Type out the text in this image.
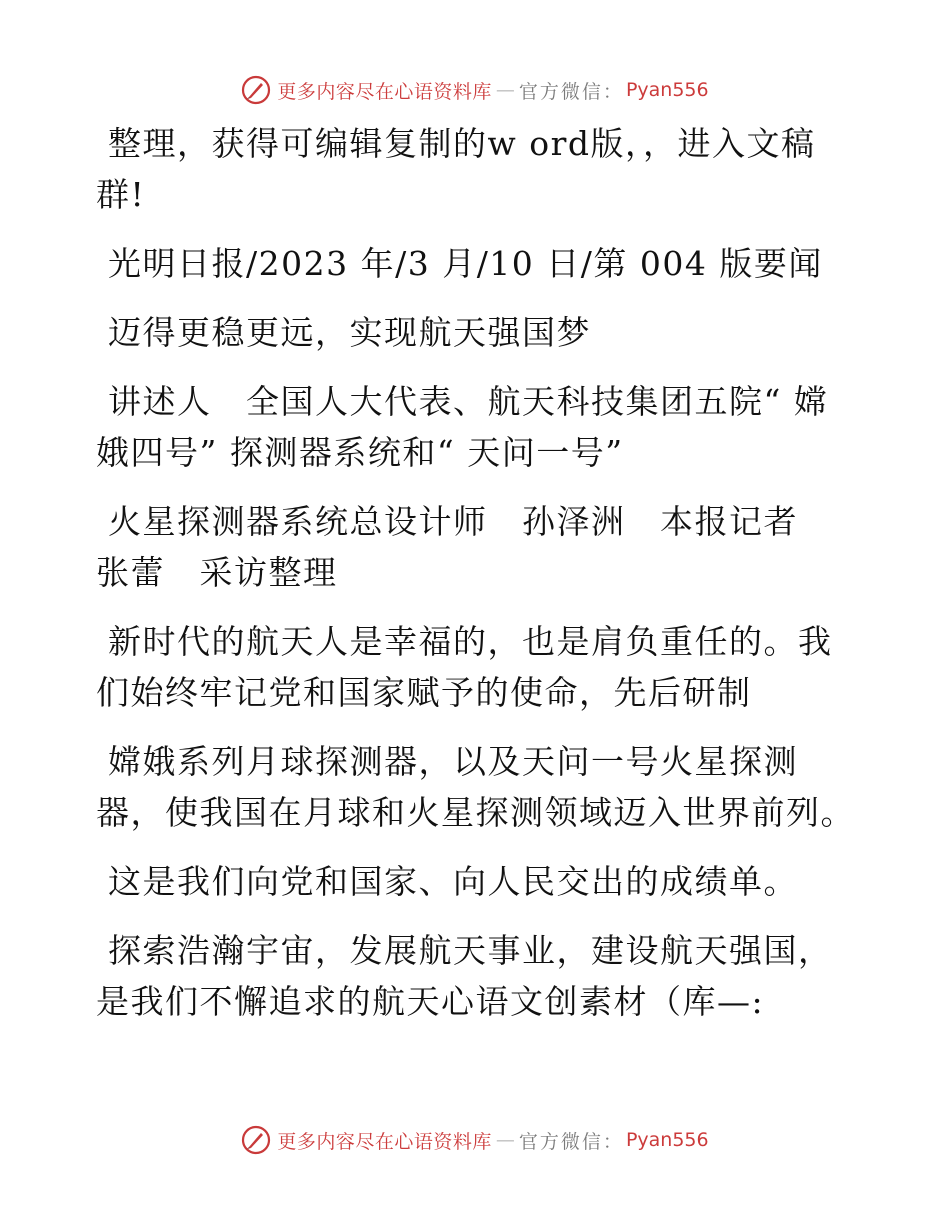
更多内容尽在心语资料库 — 官方微信 ： Pyan556

整理，获得可编辑复制的w ord版，，进入文稿
群!

光明日报/2023 年/3 月/10 日/第 004 版要闻

迈得更稳更远，实现航天强国梦

讲述人　全国人大代表、航天科技集团五院“ 嫦
娥四号” 探测器系统和“ 天问一号”

火星探测器系统总设计师　孙泽洲　本报记者
张蕾　采访整理

新时代的航天人是幸福的，也是肩负重任的。我
们始终牢记党和国家赋予的使命，先后研制

嫦娥系列月球探测器，以及天问一号火星探测
器，使我国在月球和火星探测领域迈入世界前列。

这是我们向党和国家、向人民交出的成绩单。

探索浩瀚宇宙，发展航天事业，建设航天强国，
是我们不懈追求的航天心语文创素材（库—:

更多内容尽在心语资料库 — 官方微信 ： Pyan556
